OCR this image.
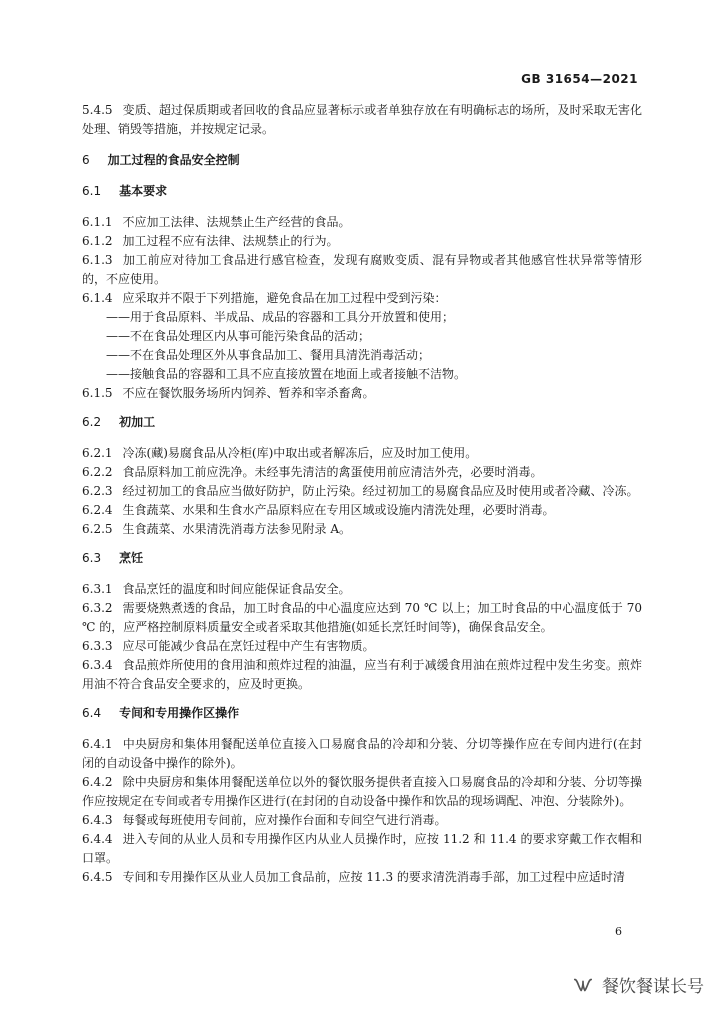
GB 31654—2021

5.4.5 变质、超过保质期或者回收的食品应显著标示或者单独存放在有明确标志的场所，及时采取无害化处理、销毁等措施，并按规定记录。

6 加工过程的食品安全控制
6.1 基本要求

6.1.1 不应加工法律、法规禁止生产经营的食品。

6.1.2 加工过程不应有法律、法规禁止的行为。

6.1.3 加工前应对待加工食品进行感官检查，发现有腐败变质、混有异物或者其他感官性状异常等情形的，不应使用。

6.1.4 应采取并不限于下列措施，避免食品在加工过程中受到污染：

——用于食品原料、半成品、成品的容器和工具分开放置和使用；

——不在食品处理区内从事可能污染食品的活动；

——不在食品处理区外从事食品加工、餐用具清洗消毒活动；

——接触食品的容器和工具不应直接放置在地面上或者接触不洁物。

6.1.5 不应在餐饮服务场所内饲养、暂养和宰杀畜禽。

6.2 初加工

6.2.1 冷冻(藏)易腐食品从冷柜(库)中取出或者解冻后，应及时加工使用。

6.2.2 食品原料加工前应洗净。未经事先清洁的禽蛋使用前应清洁外壳，必要时消毒。

6.2.3 经过初加工的食品应当做好防护，防止污染。经过初加工的易腐食品应及时使用或者冷藏、冷冻。

6.2.4 生食蔬菜、水果和生食水产品原料应在专用区域或设施内清洗处理，必要时消毒。

6.2.5 生食蔬菜、水果清洗消毒方法参见附录 A。

6.3 烹饪

6.3.1 食品烹饪的温度和时间应能保证食品安全。

6.3.2 需要烧熟煮透的食品，加工时食品的中心温度应达到 70 ℃ 以上；加工时食品的中心温度低于 70 ℃ 的，应严格控制原料质量安全或者采取其他措施(如延长烹饪时间等)，确保食品安全。

6.3.3 应尽可能减少食品在烹饪过程中产生有害物质。

6.3.4 食品煎炸所使用的食用油和煎炸过程的油温，应当有利于减缓食用油在煎炸过程中发生劣变。煎炸用油不符合食品安全要求的，应及时更换。

6.4 专间和专用操作区操作

6.4.1 中央厨房和集体用餐配送单位直接入口易腐食品的冷却和分装、分切等操作应在专间内进行(在封闭的自动设备中操作的除外)。

6.4.2 除中央厨房和集体用餐配送单位以外的餐饮服务提供者直接入口易腐食品的冷却和分装、分切等操作应按规定在专间或者专用操作区进行(在封闭的自动设备中操作和饮品的现场调配、冲泡、分装除外)。

6.4.3 每餐或每班使用专间前，应对操作台面和专间空气进行消毒。

6.4.4 进入专间的从业人员和专用操作区内从业人员操作时，应按 11.2 和 11.4 的要求穿戴工作衣帽和口罩。

6.4.5 专间和专用操作区从业人员加工食品前，应按 11.3 的要求清洗消毒手部，加工过程中应适时清

6
餐饮餐谋长号
